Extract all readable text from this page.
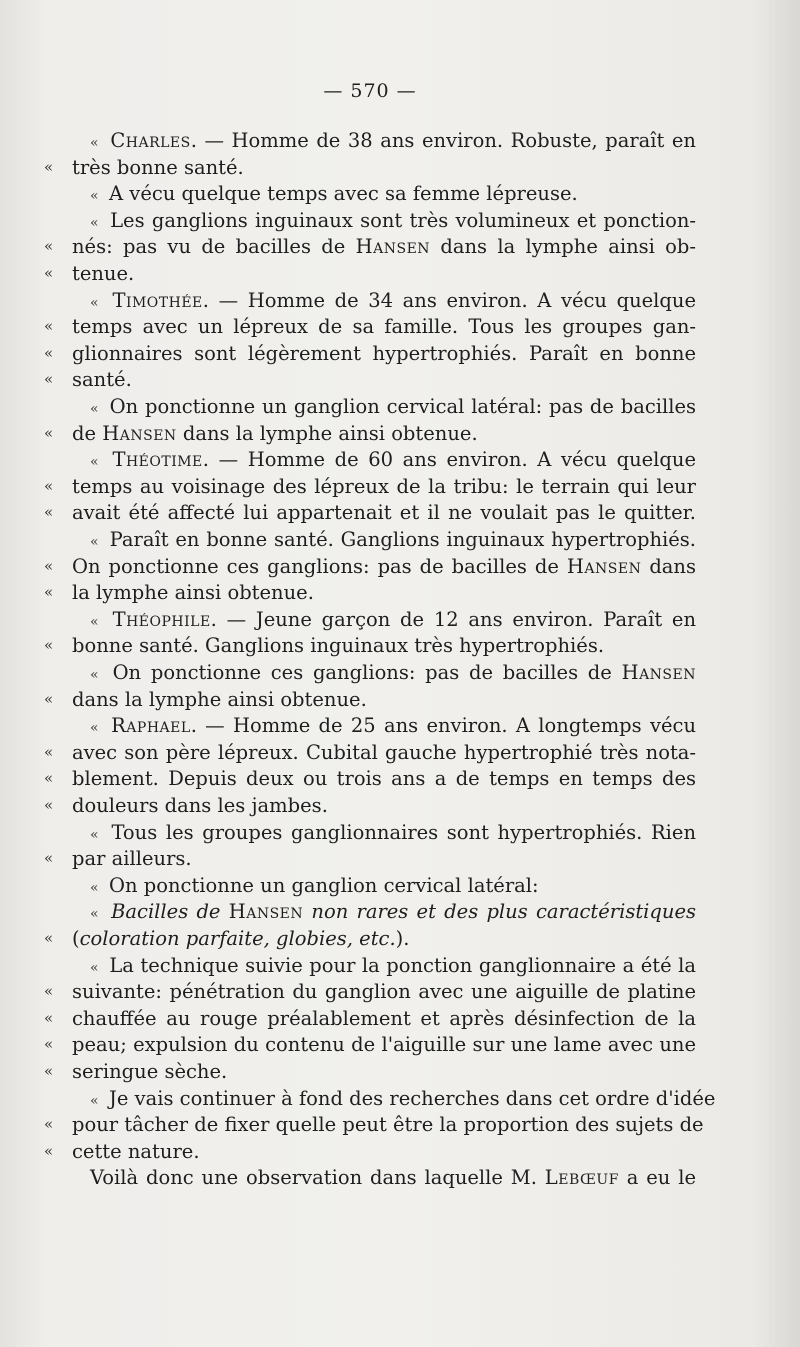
— 570 —
« Charles. — Homme de 38 ans environ. Robuste, paraît en
« très bonne santé.
« A vécu quelque temps avec sa femme lépreuse.
« Les ganglions inguinaux sont très volumineux et ponction-
« nés: pas vu de bacilles de Hansen dans la lymphe ainsi ob-
« tenue.
« Timothée. — Homme de 34 ans environ. A vécu quelque
« temps avec un lépreux de sa famille. Tous les groupes gan-
« glionnaires sont légèrement hypertrophiés. Paraît en bonne
« santé.
« On ponctionne un ganglion cervical latéral: pas de bacilles
« de Hansen dans la lymphe ainsi obtenue.
« Théotime. — Homme de 60 ans environ. A vécu quelque
« temps au voisinage des lépreux de la tribu: le terrain qui leur
« avait été affecté lui appartenait et il ne voulait pas le quitter.
« Paraît en bonne santé. Ganglions inguinaux hypertrophiés.
« On ponctionne ces ganglions: pas de bacilles de Hansen dans
« la lymphe ainsi obtenue.
« Théophile. — Jeune garçon de 12 ans environ. Paraît en
« bonne santé. Ganglions inguinaux très hypertrophiés.
« On ponctionne ces ganglions: pas de bacilles de Hansen
« dans la lymphe ainsi obtenue.
« Raphael. — Homme de 25 ans environ. A longtemps vécu
« avec son père lépreux. Cubital gauche hypertrophié très nota-
« blement. Depuis deux ou trois ans a de temps en temps des
« douleurs dans les jambes.
« Tous les groupes ganglionnaires sont hypertrophiés. Rien
« par ailleurs.
« On ponctionne un ganglion cervical latéral:
« Bacilles de Hansen non rares et des plus caractéristiques
« (coloration parfaite, globies, etc.).
« La technique suivie pour la ponction ganglionnaire a été la
« suivante: pénétration du ganglion avec une aiguille de platine
« chauffée au rouge préalablement et après désinfection de la
« peau; expulsion du contenu de l'aiguille sur une lame avec une
« seringue sèche.
« Je vais continuer à fond des recherches dans cet ordre d'idée
« pour tâcher de fixer quelle peut être la proportion des sujets de
« cette nature.
Voilà donc une observation dans laquelle M. Lebœuf a eu le
